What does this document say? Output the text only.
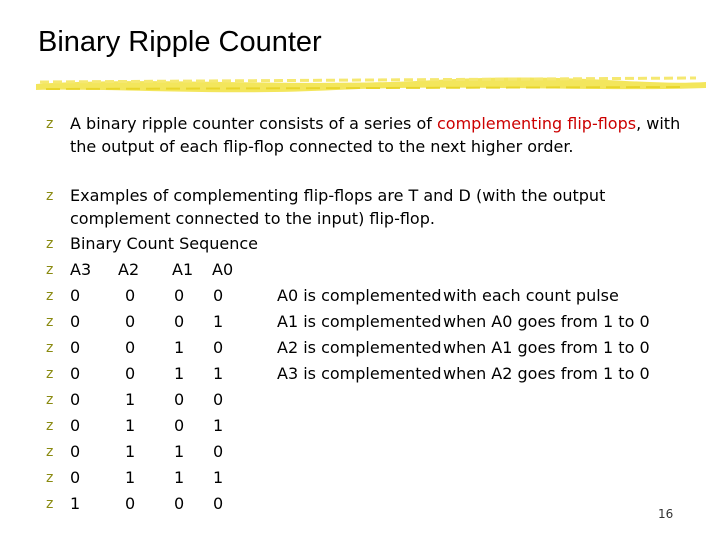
Binary Ripple Counter
z A binary ripple counter consists of a series of complementing flip-flops, with
the output of each flip-flop connected to the next higher order.
z Examples of complementing flip-flops are T and D (with the output
complement connected to the input) flip-flop.
z Binary Count Sequence
z A3 A2 A1 A0
z 0	0 0 0
z 0	0 0 1
z 0	0 1 0
z 0	0 1 1
z 0	1 0 0
z 0	1 0 1
z 0	1 1 0
z 0	1 1 1
z 1	0 0 0
A0 is complemented with each count pulse
A1 is complemented when A0 goes from 1 to 0
A2 is complemented when A1 goes from 1 to 0
A3 is complemented when A2 goes from 1 to 0
16
